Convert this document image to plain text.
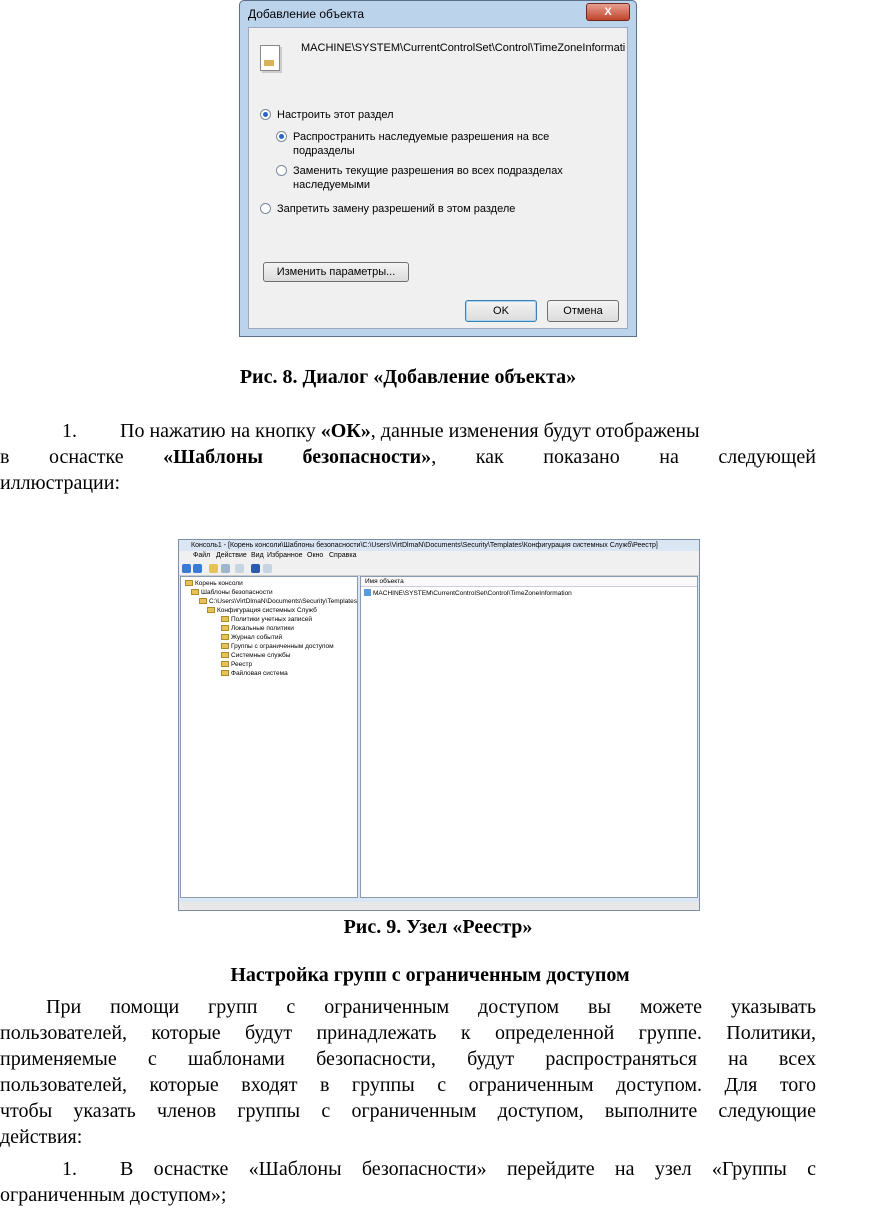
Добавление объекта	X
MACHINE\SYSTEM\CurrentControlSet\Control\TimeZoneInformati
Настроить этот раздел
Распространить наследуемые разрешения на все
подразделы
Заменить текущие разрешения во всех подразделах
наследуемыми
Запретить замену разрешений в этом разделе
Изменить параметры...
OK	Отмена
Рис. 8. Диалог «Добавление объекта»
1. По нажатию на кнопку «ОК», данные изменения будут отображены
в оснастке «Шаблоны безопасности», как показано на следующей
иллюстрации:
Консоль1 - [Корень консоли\Шаблоны безопасности\C:\Users\VirtDlmaN\Documents\Security\Templates\Конфигурация системных Служб\Реестр]
Файл Действие Вид Избранное Окно Справка
Корень консоли
Шаблоны безопасности
C:\Users\VirtDlmaN\Documents\Security\Templates
Конфигурация системных Служб
Политики учетных записей
Локальные политики
Журнал событий
Группы с ограниченным доступом
Системные службы
Реестр
Файловая система
Имя объекта
MACHINE\SYSTEM\CurrentControlSet\Control\TimeZoneInformation
Рис. 9. Узел «Реестр»
Настройка групп с ограниченным доступом
При помощи групп с ограниченным доступом вы можете указывать
пользователей, которые будут принадлежать к определенной группе. Политики,
применяемые с шаблонами безопасности, будут распространяться на всех
пользователей, которые входят в группы с ограниченным доступом. Для того
чтобы указать членов группы с ограниченным доступом, выполните следующие
действия:
1. В оснастке «Шаблоны безопасности» перейдите на узел «Группы с
ограниченным доступом»;
